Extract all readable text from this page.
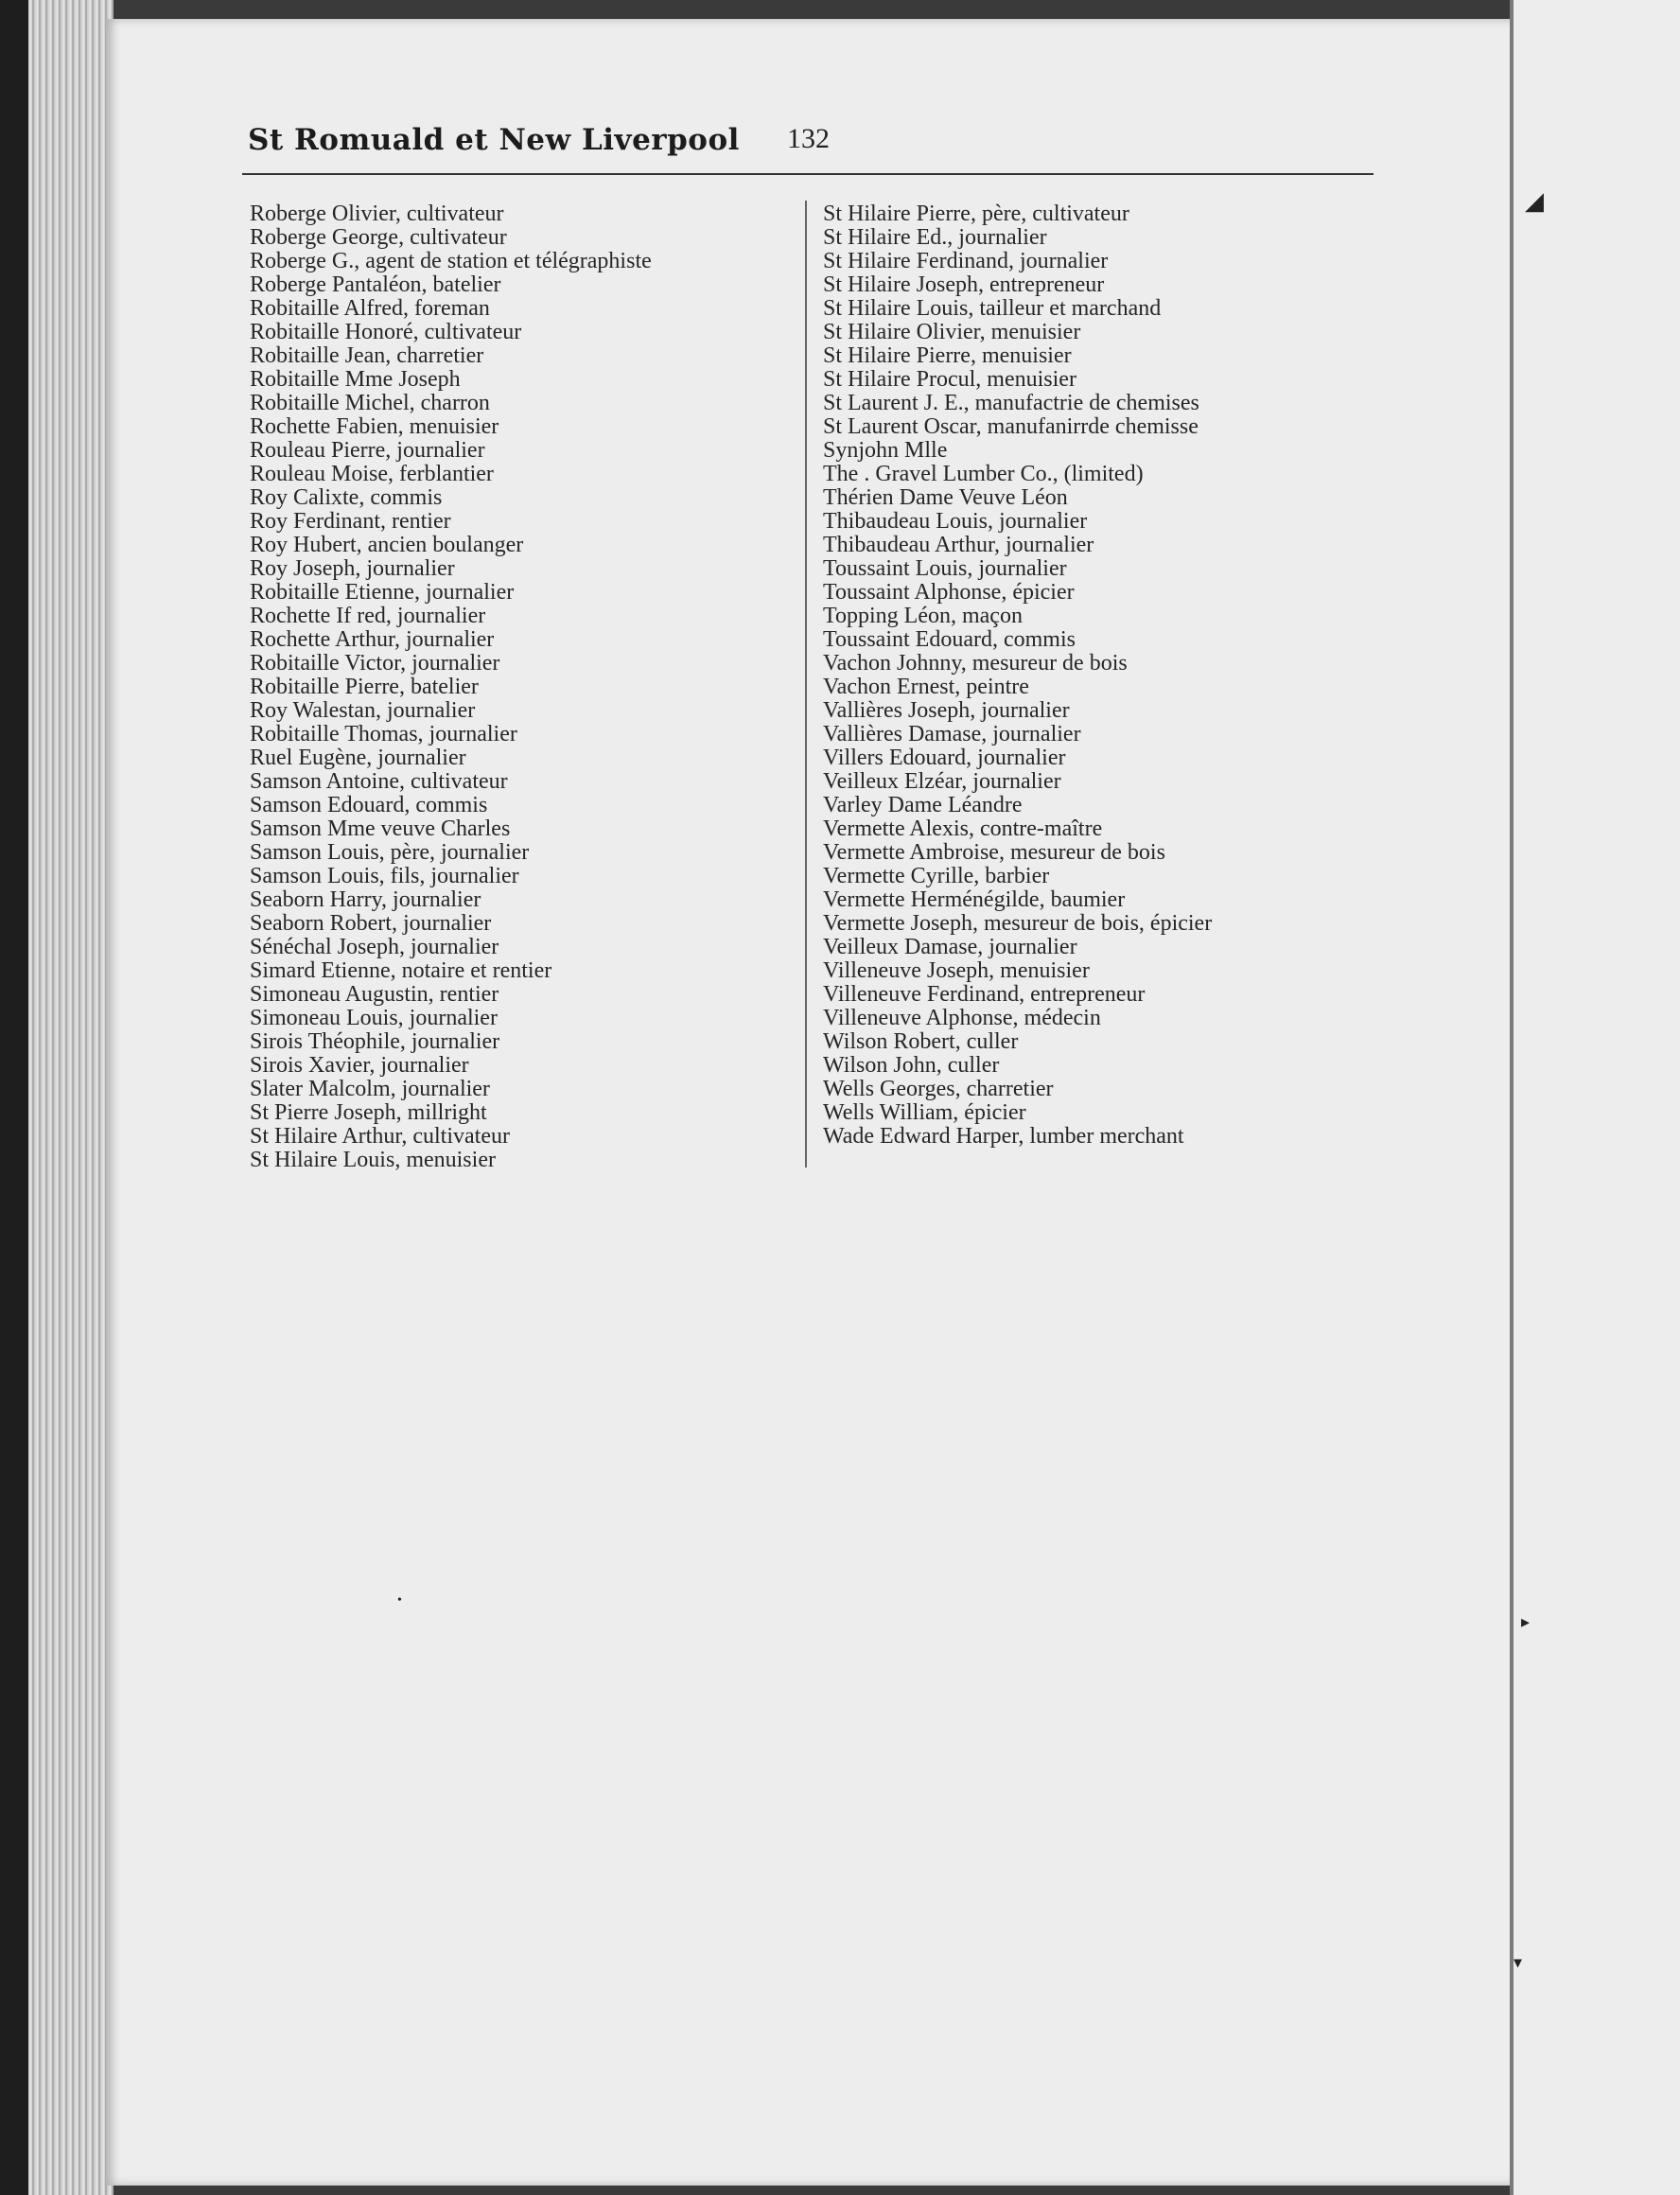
◢
▸
▾
•
St Romuald et New Liverpool 132
Roberge Olivier, cultivateur
Roberge George, cultivateur
Roberge G., agent de station et télégraphiste
Roberge Pantaléon, batelier
Robitaille Alfred, foreman
Robitaille Honoré, cultivateur
Robitaille Jean, charretier
Robitaille Mme Joseph
Robitaille Michel, charron
Rochette Fabien, menuisier
Rouleau Pierre, journalier
Rouleau Moise, ferblantier
Roy Calixte, commis
Roy Ferdinant, rentier
Roy Hubert, ancien boulanger
Roy Joseph, journalier
Robitaille Etienne, journalier
Rochette If red, journalier
Rochette Arthur, journalier
Robitaille Victor, journalier
Robitaille Pierre, batelier
Roy Walestan, journalier
Robitaille Thomas, journalier
Ruel Eugène, journalier
Samson Antoine, cultivateur
Samson Edouard, commis
Samson Mme veuve Charles
Samson Louis, père, journalier
Samson Louis, fils, journalier
Seaborn Harry, journalier
Seaborn Robert, journalier
Sénéchal Joseph, journalier
Simard Etienne, notaire et rentier
Simoneau Augustin, rentier
Simoneau Louis, journalier
Sirois Théophile, journalier
Sirois Xavier, journalier
Slater Malcolm, journalier
St Pierre Joseph, millright
St Hilaire Arthur, cultivateur
St Hilaire Louis, menuisier
St Hilaire Pierre, père, cultivateur
St Hilaire Ed., journalier
St Hilaire Ferdinand, journalier
St Hilaire Joseph, entrepreneur
St Hilaire Louis, tailleur et marchand
St Hilaire Olivier, menuisier
St Hilaire Pierre, menuisier
St Hilaire Procul, menuisier
St Laurent J. E., manufactrie de chemises
St Laurent Oscar, manufanirrde chemisse
Synjohn Mlle
The . Gravel Lumber Co., (limited)
Thérien Dame Veuve Léon
Thibaudeau Louis, journalier
Thibaudeau Arthur, journalier
Toussaint Louis, journalier
Toussaint Alphonse, épicier
Topping Léon, maçon
Toussaint Edouard, commis
Vachon Johnny, mesureur de bois
Vachon Ernest, peintre
Vallières Joseph, journalier
Vallières Damase, journalier
Villers Edouard, journalier
Veilleux Elzéar, journalier
Varley Dame Léandre
Vermette Alexis, contre-maître
Vermette Ambroise, mesureur de bois
Vermette Cyrille, barbier
Vermette Herménégilde, baumier
Vermette Joseph, mesureur de bois, épicier
Veilleux Damase, journalier
Villeneuve Joseph, menuisier
Villeneuve Ferdinand, entrepreneur
Villeneuve Alphonse, médecin
Wilson Robert, culler
Wilson John, culler
Wells Georges, charretier
Wells William, épicier
Wade Edward Harper, lumber merchant
